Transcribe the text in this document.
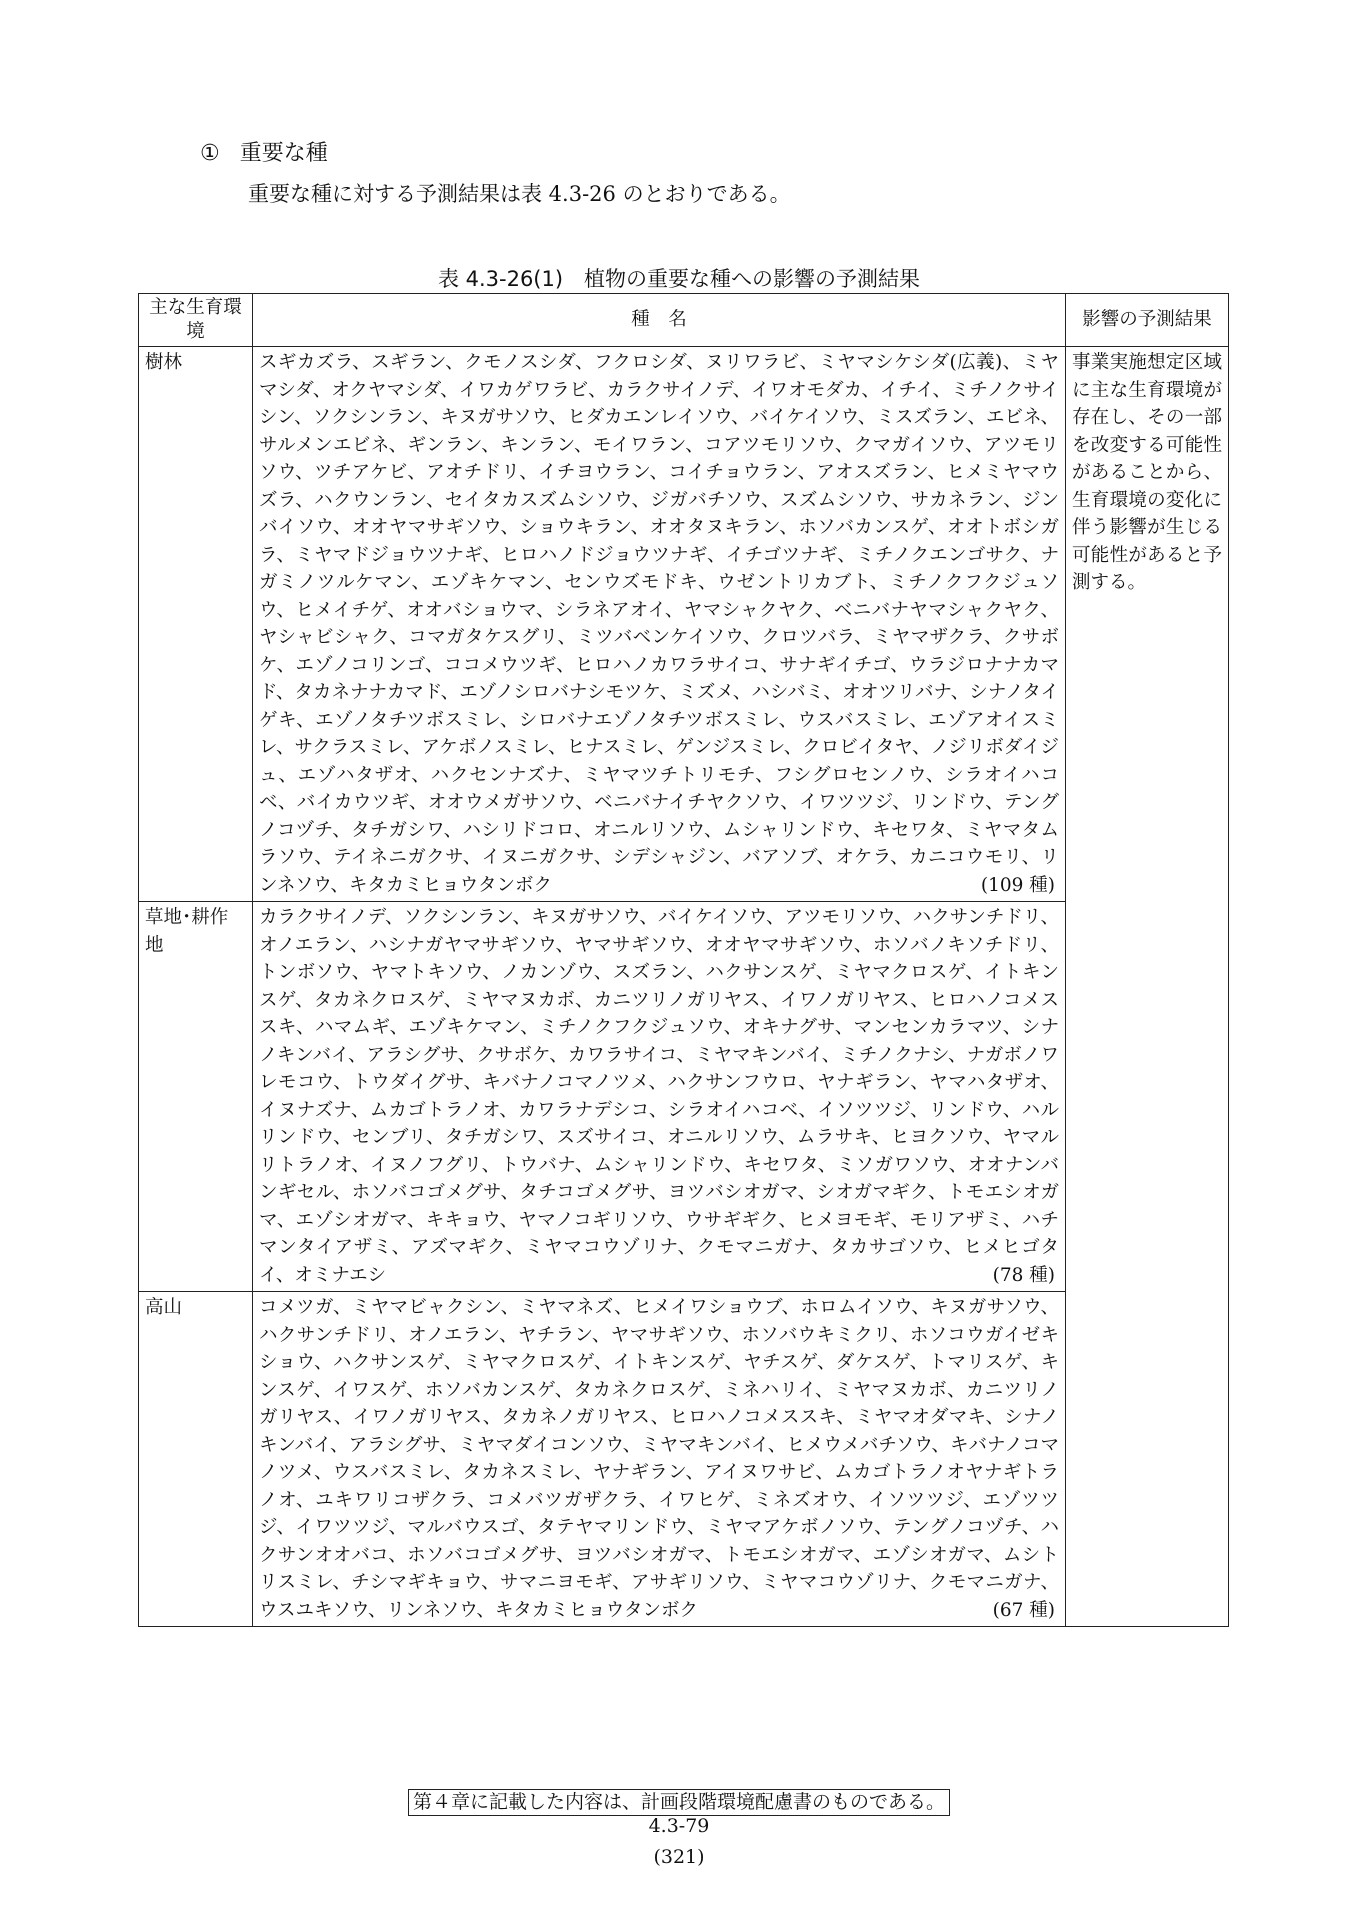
① 重要な種
重要な種に対する予測結果は表 4.3-26 のとおりである。
表 4.3-26(1)　植物の重要な種への影響の予測結果
主な生育環境	種　名	影響の予測結果
樹林	スギカズラ、スギラン、クモノスシダ、フクロシダ、ヌリワラビ、ミヤマシケシダ(広義)、ミヤマシダ、オクヤマシダ、イワカゲワラビ、カラクサイノデ、イワオモダカ、イチイ、ミチノクサイシン、ソクシンラン、キヌガサソウ、ヒダカエンレイソウ、バイケイソウ、ミスズラン、エビネ、サルメンエビネ、ギンラン、キンラン、モイワラン、コアツモリソウ、クマガイソウ、アツモリソウ、ツチアケビ、アオチドリ、イチヨウラン、コイチョウラン、アオスズラン、ヒメミヤマウズラ、ハクウンラン、セイタカスズムシソウ、ジガバチソウ、スズムシソウ、サカネラン、ジンバイソウ、オオヤマサギソウ、ショウキラン、オオタヌキラン、ホソバカンスゲ、オオトボシガラ、ミヤマドジョウツナギ、ヒロハノドジョウツナギ、イチゴツナギ、ミチノクエンゴサク、ナガミノツルケマン、エゾキケマン、センウズモドキ、ウゼントリカブト、ミチノクフクジュソウ、ヒメイチゲ、オオバショウマ、シラネアオイ、ヤマシャクヤク、ベニバナヤマシャクヤク、ヤシャビシャク、コマガタケスグリ、ミツバベンケイソウ、クロツバラ、ミヤマザクラ、クサボケ、エゾノコリンゴ、ココメウツギ、ヒロハノカワラサイコ、サナギイチゴ、ウラジロナナカマド、タカネナナカマド、エゾノシロバナシモツケ、ミズメ、ハシバミ、オオツリバナ、シナノタイゲキ、エゾノタチツボスミレ、シロバナエゾノタチツボスミレ、ウスバスミレ、エゾアオイスミレ、サクラスミレ、アケボノスミレ、ヒナスミレ、ゲンジスミレ、クロビイタヤ、ノジリボダイジュ、エゾハタザオ、ハクセンナズナ、ミヤマツチトリモチ、フシグロセンノウ、シラオイハコベ、バイカウツギ、オオウメガサソウ、ベニバナイチヤクソウ、イワツツジ、リンドウ、テングノコヅチ、タチガシワ、ハシリドコロ、オニルリソウ、ムシャリンドウ、キセワタ、ミヤマタムラソウ、テイネニガクサ、イヌニガクサ、シデシャジン、バアソブ、オケラ、カニコウモリ、リンネソウ、キタカミヒョウタンボク (109 種)	事業実施想定区域に主な生育環境が存在し、その一部を改変する可能性があることから、生育環境の変化に伴う影響が生じる可能性があると予測する。
草地･耕作地	カラクサイノデ、ソクシンラン、キヌガサソウ、バイケイソウ、アツモリソウ、ハクサンチドリ、オノエラン、ハシナガヤマサギソウ、ヤマサギソウ、オオヤマサギソウ、ホソバノキソチドリ、トンボソウ、ヤマトキソウ、ノカンゾウ、スズラン、ハクサンスゲ、ミヤマクロスゲ、イトキンスゲ、タカネクロスゲ、ミヤマヌカボ、カニツリノガリヤス、イワノガリヤス、ヒロハノコメススキ、ハマムギ、エゾキケマン、ミチノクフクジュソウ、オキナグサ、マンセンカラマツ、シナノキンバイ、アラシグサ、クサボケ、カワラサイコ、ミヤマキンバイ、ミチノクナシ、ナガボノワレモコウ、トウダイグサ、キバナノコマノツメ、ハクサンフウロ、ヤナギラン、ヤマハタザオ、イヌナズナ、ムカゴトラノオ、カワラナデシコ、シラオイハコベ、イソツツジ、リンドウ、ハルリンドウ、センブリ、タチガシワ、スズサイコ、オニルリソウ、ムラサキ、ヒヨクソウ、ヤマルリトラノオ、イヌノフグリ、トウバナ、ムシャリンドウ、キセワタ、ミソガワソウ、オオナンバンギセル、ホソバコゴメグサ、タチコゴメグサ、ヨツバシオガマ、シオガマギク、トモエシオガマ、エゾシオガマ、キキョウ、ヤマノコギリソウ、ウサギギク、ヒメヨモギ、モリアザミ、ハチマンタイアザミ、アズマギク、ミヤマコウゾリナ、クモマニガナ、タカサゴソウ、ヒメヒゴタイ、オミナエシ (78 種)	

高山	コメツガ、ミヤマビャクシン、ミヤマネズ、ヒメイワショウブ、ホロムイソウ、キヌガサソウ、ハクサンチドリ、オノエラン、ヤチラン、ヤマサギソウ、ホソバウキミクリ、ホソコウガイゼキショウ、ハクサンスゲ、ミヤマクロスゲ、イトキンスゲ、ヤチスゲ、ダケスゲ、トマリスゲ、キンスゲ、イワスゲ、ホソバカンスゲ、タカネクロスゲ、ミネハリイ、ミヤマヌカボ、カニツリノガリヤス、イワノガリヤス、タカネノガリヤス、ヒロハノコメススキ、ミヤマオダマキ、シナノキンバイ、アラシグサ、ミヤマダイコンソウ、ミヤマキンバイ、ヒメウメバチソウ、キバナノコマノツメ、ウスバスミレ、タカネスミレ、ヤナギラン、アイヌワサビ、ムカゴトラノオヤナギトラノオ、ユキワリコザクラ、コメバツガザクラ、イワヒゲ、ミネズオウ、イソツツジ、エゾツツジ、イワツツジ、マルバウスゴ、タテヤマリンドウ、ミヤマアケボノソウ、テングノコヅチ、ハクサンオオバコ、ホソバコゴメグサ、ヨツバシオガマ、トモエシオガマ、エゾシオガマ、ムシトリスミレ、チシマギキョウ、サマニヨモギ、アサギリソウ、ミヤマコウゾリナ、クモマニガナ、ウスユキソウ、リンネソウ、キタカミヒョウタンボク (67 種)	
第４章に記載した内容は、計画段階環境配慮書のものである。
4.3-79
(321)
